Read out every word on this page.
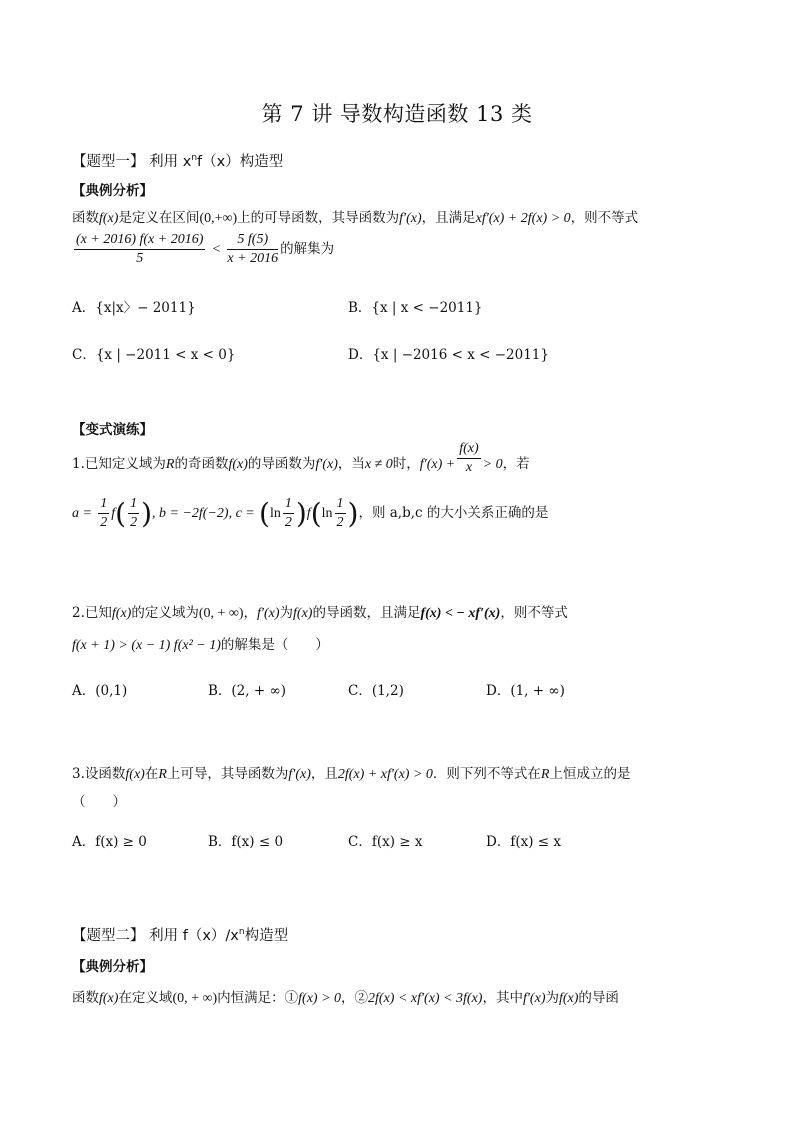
第 7 讲 导数构造函数 13 类
【题型一】 利用 $x^nf(x)$构造型
【典例分析】
函数f(x)是定义在区间(0,+∞)上的可导函数，其导函数为f′(x)，且满足xf′(x) + 2f(x) > 0，则不等式
$\frac{(x + 2016) f(x + 2016)}{5} < \frac{5 f(5)}{x + 2016}$ 的解集为
A．{x|x〉− 2011}	B．{x | x < −2011}
C．{x | −2011 < x < 0}	D．{x | −2016 < x < −2011}
【变式演练】
1.已知定义域为R的奇函数f(x)的导函数为f′(x)，当x ≠ 0时，$f'(x) + \frac{f(x)}{x} > 0$，若
$a = \frac{1}{2} f( \frac{1}{2}$ ), b = −2f(−2), $c = (\ln \frac{1}{2} )f(\ln \frac{1}{2}$ )，则 a,b,c 的大小关系正确的是
2.已知f(x)的定义域为(0, + ∞)，f′(x)为f(x)的导函数，且满足f(x) < − xf′(x)，则不等式
f(x + 1) > (x − 1) f(x² − 1)的解集是（　　）
A．(0,1)	B．(2, + ∞)	C．(1,2)	D．(1, + ∞)
3.设函数f(x)在R上可导，其导函数为f′(x)，且2f(x) + xf′(x) > 0．则下列不等式在R上恒成立的是
（　　）
A．f(x) ≥ 0	B．f(x) ≤ 0	C．f(x) ≥ x	D．f(x) ≤ x
【题型二】 利用 $f(x)/x^n$构造型
【典例分析】
函数f(x)在定义域(0, + ∞)内恒满足：①f(x) > 0，②2f(x) < xf′(x) < 3f(x)，其中f′(x)为f(x)的导函
